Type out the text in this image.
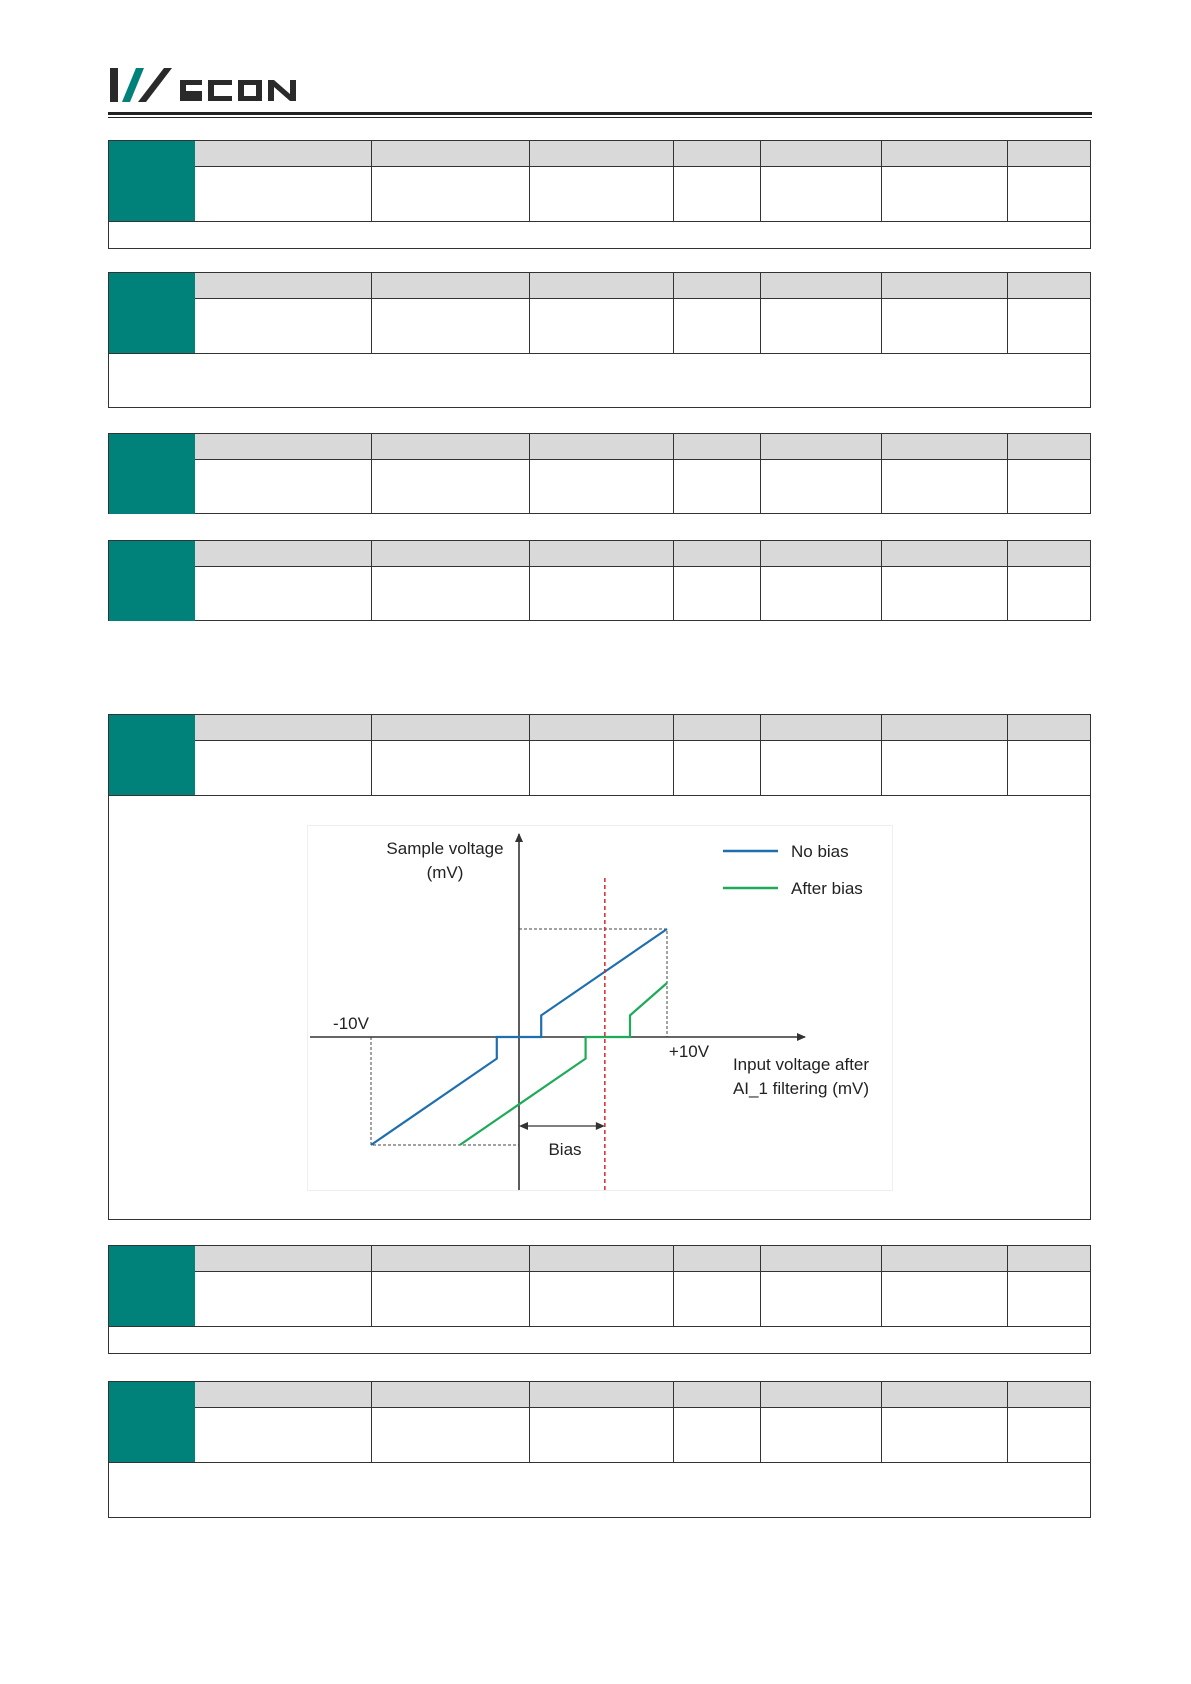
Sample voltage
(mV)
Input voltage after
AI_1 filtering (mV)
-10V
+10V
Bias
No bias
After bias
